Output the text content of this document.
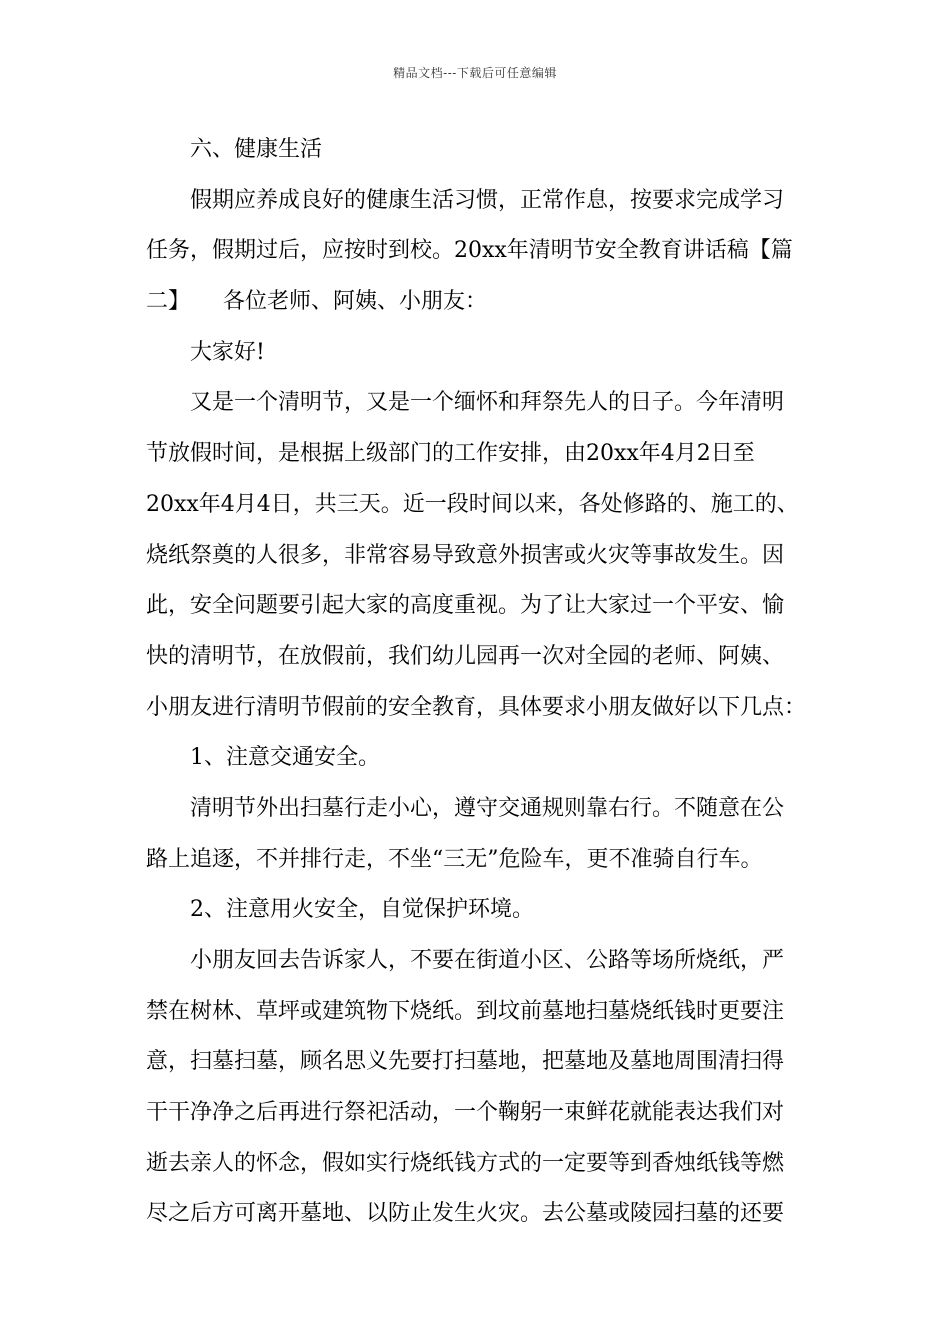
精品文档---下载后可任意编辑
六、健康生活
假期应养成良好的健康生活习惯，正常作息，按要求完成学习
任务，假期过后，应按时到校。20xx年清明节安全教育讲话稿【篇
二】　　各位老师、阿姨、小朋友：
大家好!
又是一个清明节，又是一个缅怀和拜祭先人的日子。今年清明
节放假时间，是根据上级部门的工作安排，由20xx年4月2日至
20xx年4月4日，共三天。近一段时间以来，各处修路的、施工的、
烧纸祭奠的人很多，非常容易导致意外损害或火灾等事故发生。因
此，安全问题要引起大家的高度重视。为了让大家过一个平安、愉
快的清明节，在放假前，我们幼儿园再一次对全园的老师、阿姨、
小朋友进行清明节假前的安全教育，具体要求小朋友做好以下几点：
1、注意交通安全。
清明节外出扫墓行走小心，遵守交通规则靠右行。不随意在公
路上追逐，不并排行走，不坐“三无”危险车，更不准骑自行车。
2、注意用火安全，自觉保护环境。
小朋友回去告诉家人，不要在街道小区、公路等场所烧纸，严
禁在树林、草坪或建筑物下烧纸。到坟前墓地扫墓烧纸钱时更要注
意，扫墓扫墓，顾名思义先要打扫墓地，把墓地及墓地周围清扫得
干干净净之后再进行祭祀活动，一个鞠躬一束鲜花就能表达我们对
逝去亲人的怀念，假如实行烧纸钱方式的一定要等到香烛纸钱等燃
尽之后方可离开墓地、以防止发生火灾。去公墓或陵园扫墓的还要
